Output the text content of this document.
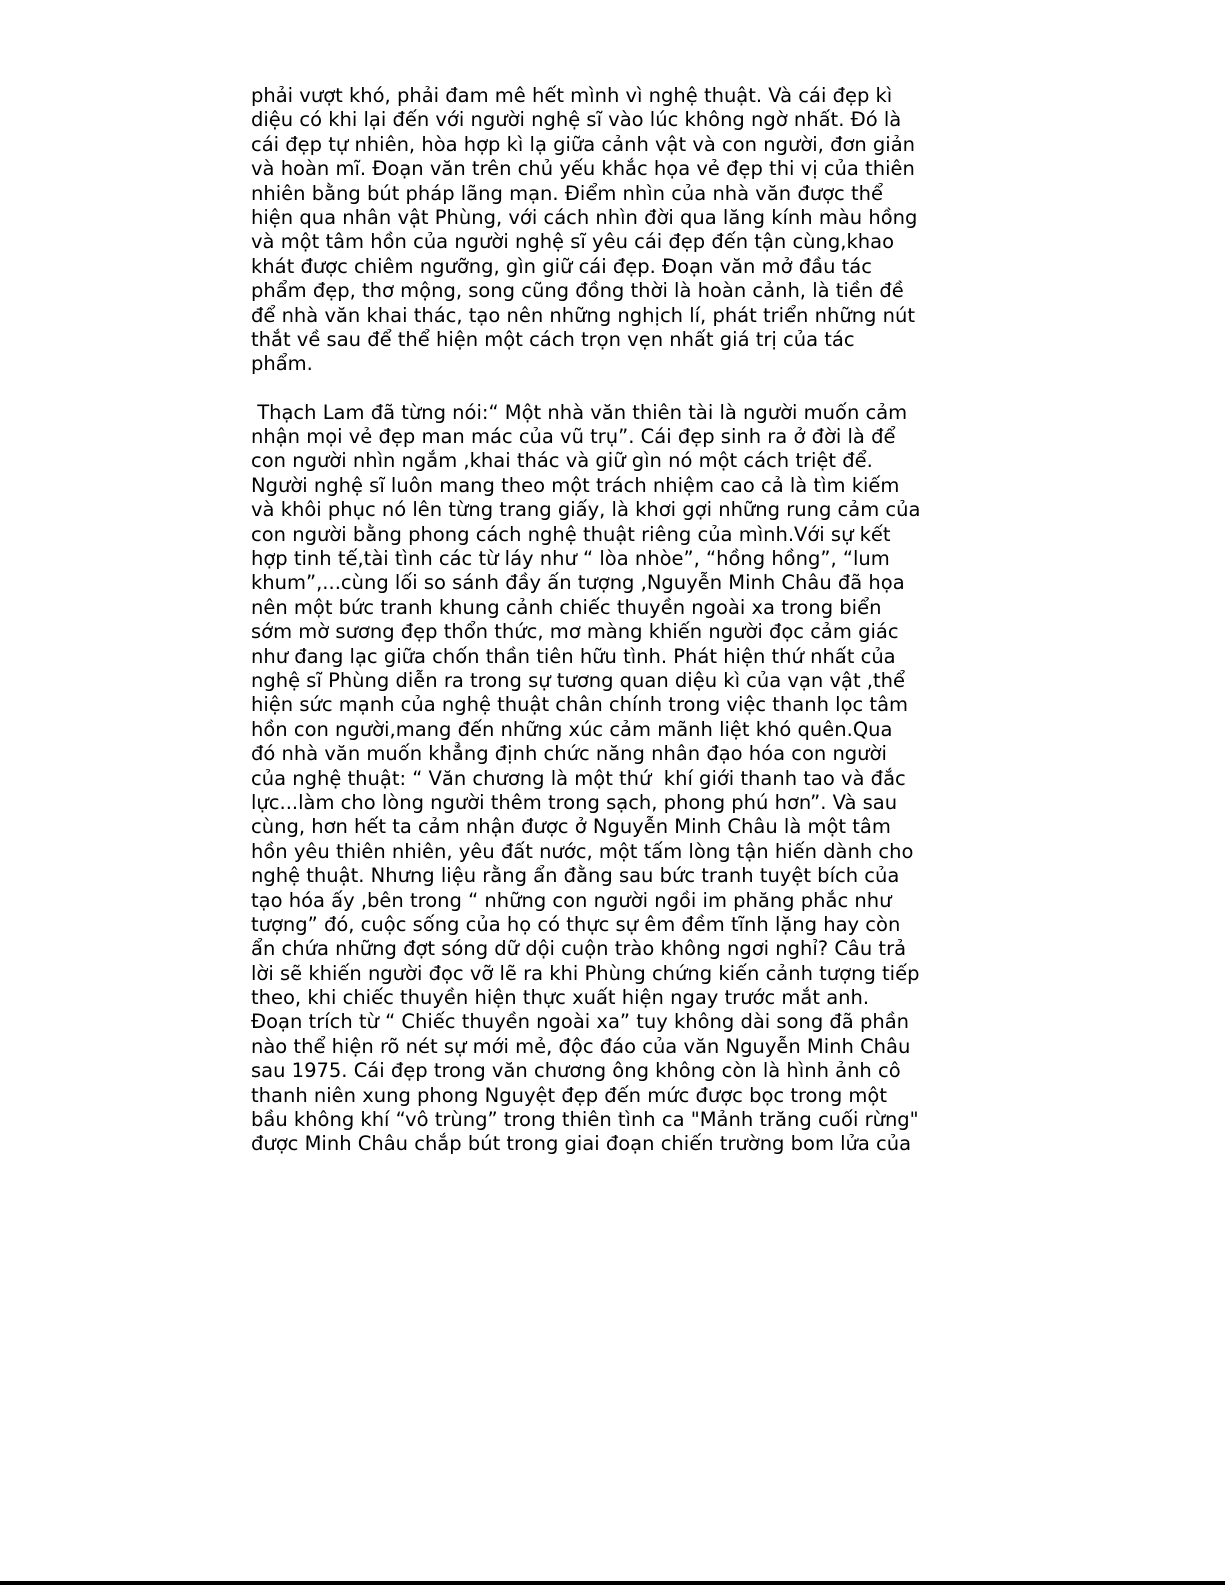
phải vượt khó, phải đam mê hết mình vì nghệ thuật. Và cái đẹp kì
diệu có khi lại đến với người nghệ sĩ vào lúc không ngờ nhất. Đó là
cái đẹp tự nhiên, hòa hợp kì lạ giữa cảnh vật và con người, đơn giản
và hoàn mĩ. Đoạn văn trên chủ yếu khắc họa vẻ đẹp thi vị của thiên
nhiên bằng bút pháp lãng mạn. Điểm nhìn của nhà văn được thể
hiện qua nhân vật Phùng, với cách nhìn đời qua lăng kính màu hồng
và một tâm hồn của người nghệ sĩ yêu cái đẹp đến tận cùng,khao
khát được chiêm ngưỡng, gìn giữ cái đẹp. Đoạn văn mở đầu tác
phẩm đẹp, thơ mộng, song cũng đồng thời là hoàn cảnh, là tiền đề
để nhà văn khai thác, tạo nên những nghịch lí, phát triển những nút
thắt về sau để thể hiện một cách trọn vẹn nhất giá trị của tác
phẩm.
Thạch Lam đã từng nói:“ Một nhà văn thiên tài là người muốn cảm
nhận mọi vẻ đẹp man mác của vũ trụ”. Cái đẹp sinh ra ở đời là để
con người nhìn ngắm ,khai thác và giữ gìn nó một cách triệt để.
Người nghệ sĩ luôn mang theo một trách nhiệm cao cả là tìm kiếm
và khôi phục nó lên từng trang giấy, là khơi gợi những rung cảm của
con người bằng phong cách nghệ thuật riêng của mình.Với sự kết
hợp tinh tế,tài tình các từ láy như “ lòa nhòe”, “hồng hồng”, “lum
khum”,...cùng lối so sánh đầy ấn tượng ,Nguyễn Minh Châu đã họa
nên một bức tranh khung cảnh chiếc thuyền ngoài xa trong biển
sớm mờ sương đẹp thổn thức, mơ màng khiến người đọc cảm giác
như đang lạc giữa chốn thần tiên hữu tình. Phát hiện thứ nhất của
nghệ sĩ Phùng diễn ra trong sự tương quan diệu kì của vạn vật ,thể
hiện sức mạnh của nghệ thuật chân chính trong việc thanh lọc tâm
hồn con người,mang đến những xúc cảm mãnh liệt khó quên.Qua
đó nhà văn muốn khẳng định chức năng nhân đạo hóa con người
của nghệ thuật: “ Văn chương là một thứ  khí giới thanh tao và đắc
lực...làm cho lòng người thêm trong sạch, phong phú hơn”. Và sau
cùng, hơn hết ta cảm nhận được ở Nguyễn Minh Châu là một tâm
hồn yêu thiên nhiên, yêu đất nước, một tấm lòng tận hiến dành cho
nghệ thuật. Nhưng liệu rằng ẩn đằng sau bức tranh tuyệt bích của
tạo hóa ấy ,bên trong “ những con người ngồi im phăng phắc như
tượng” đó, cuộc sống của họ có thực sự êm đềm tĩnh lặng hay còn
ẩn chứa những đợt sóng dữ dội cuộn trào không ngơi nghỉ? Câu trả
lời sẽ khiến người đọc vỡ lẽ ra khi Phùng chứng kiến cảnh tượng tiếp
theo, khi chiếc thuyền hiện thực xuất hiện ngay trước mắt anh.
Đoạn trích từ “ Chiếc thuyền ngoài xa” tuy không dài song đã phần
nào thể hiện rõ nét sự mới mẻ, độc đáo của văn Nguyễn Minh Châu
sau 1975. Cái đẹp trong văn chương ông không còn là hình ảnh cô
thanh niên xung phong Nguyệt đẹp đến mức được bọc trong một
bầu không khí “vô trùng” trong thiên tình ca "Mảnh trăng cuối rừng"
được Minh Châu chắp bút trong giai đoạn chiến trường bom lửa của
